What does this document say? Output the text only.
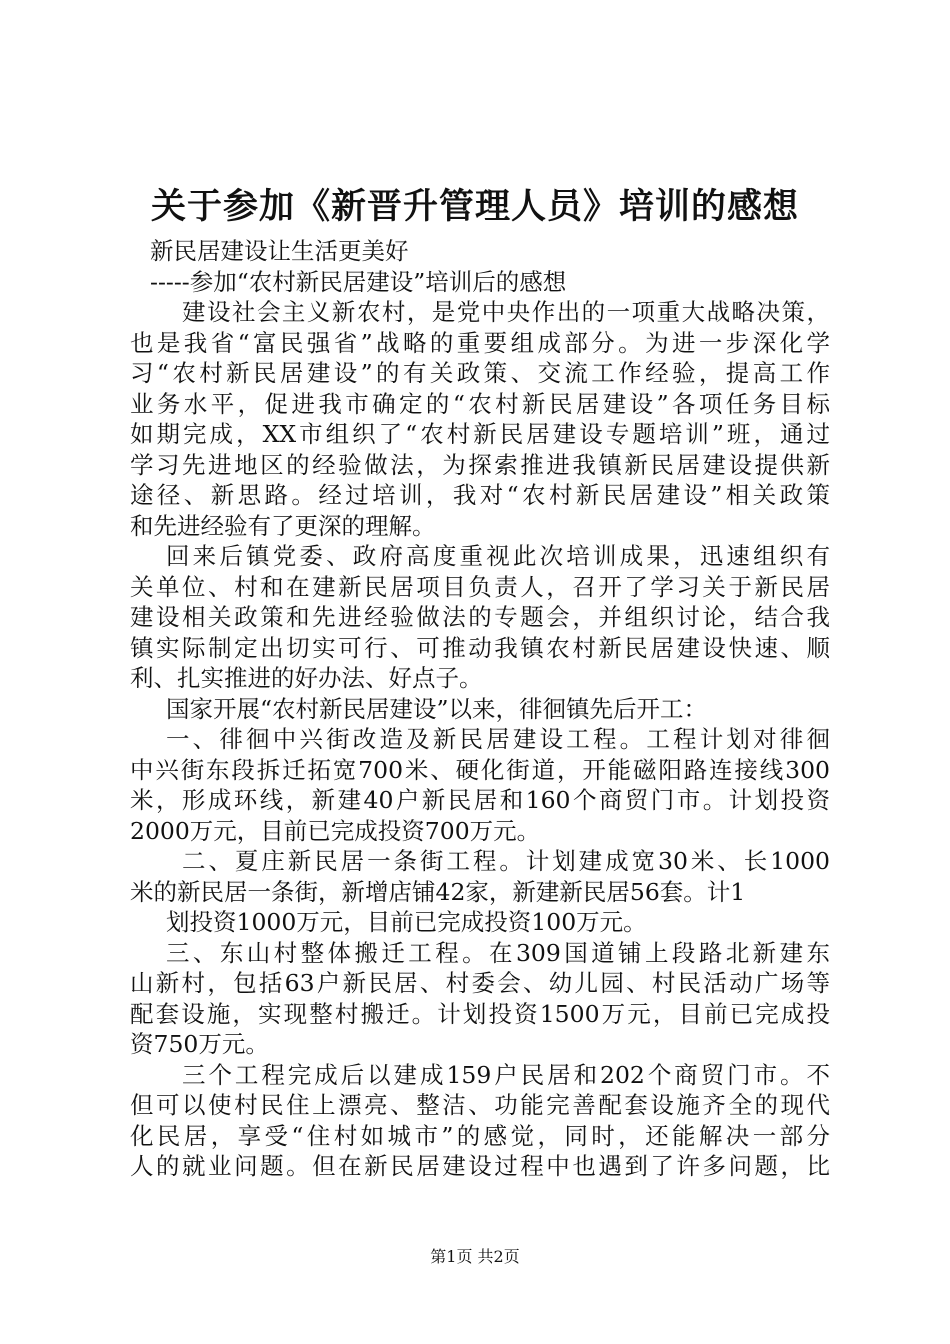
关于参加《新晋升管理人员》培训的感想
新民居建设让生活更美好
-----参加“农村新民居建设”培训后的感想
建设社会主义新农村，是党中央作出的一项重大战略决策，
也是我省“富民强省”战略的重要组成部分。为进一步深化学
习“农村新民居建设”的有关政策、交流工作经验，提高工作
业务水平，促进我市确定的“农村新民居建设”各项任务目标
如期完成，XX市组织了“农村新民居建设专题培训”班，通过
学习先进地区的经验做法，为探索推进我镇新民居建设提供新
途径、新思路。经过培训，我对“农村新民居建设”相关政策
和先进经验有了更深的理解。
回来后镇党委、政府高度重视此次培训成果，迅速组织有
关单位、村和在建新民居项目负责人，召开了学习关于新民居
建设相关政策和先进经验做法的专题会，并组织讨论，结合我
镇实际制定出切实可行、可推动我镇农村新民居建设快速、顺
利、扎实推进的好办法、好点子。
国家开展“农村新民居建设”以来，徘徊镇先后开工：
一、徘徊中兴街改造及新民居建设工程。工程计划对徘徊
中兴街东段拆迁拓宽700米、硬化街道，开能磁阳路连接线300
米，形成环线，新建40户新民居和160个商贸门市。计划投资
2000万元，目前已完成投资700万元。
二、夏庄新民居一条街工程。计划建成宽30米、长1000
米的新民居一条街，新增店铺42家，新建新民居56套。计1
划投资1000万元，目前已完成投资100万元。
三、东山村整体搬迁工程。在309国道铺上段路北新建东
山新村，包括63户新民居、村委会、幼儿园、村民活动广场等
配套设施，实现整村搬迁。计划投资1500万元，目前已完成投
资750万元。
三个工程完成后以建成159户民居和202个商贸门市。不
但可以使村民住上漂亮、整洁、功能完善配套设施齐全的现代
化民居，享受“住村如城市”的感觉，同时，还能解决一部分
人的就业问题。但在新民居建设过程中也遇到了许多问题，比
第1页 共2页
